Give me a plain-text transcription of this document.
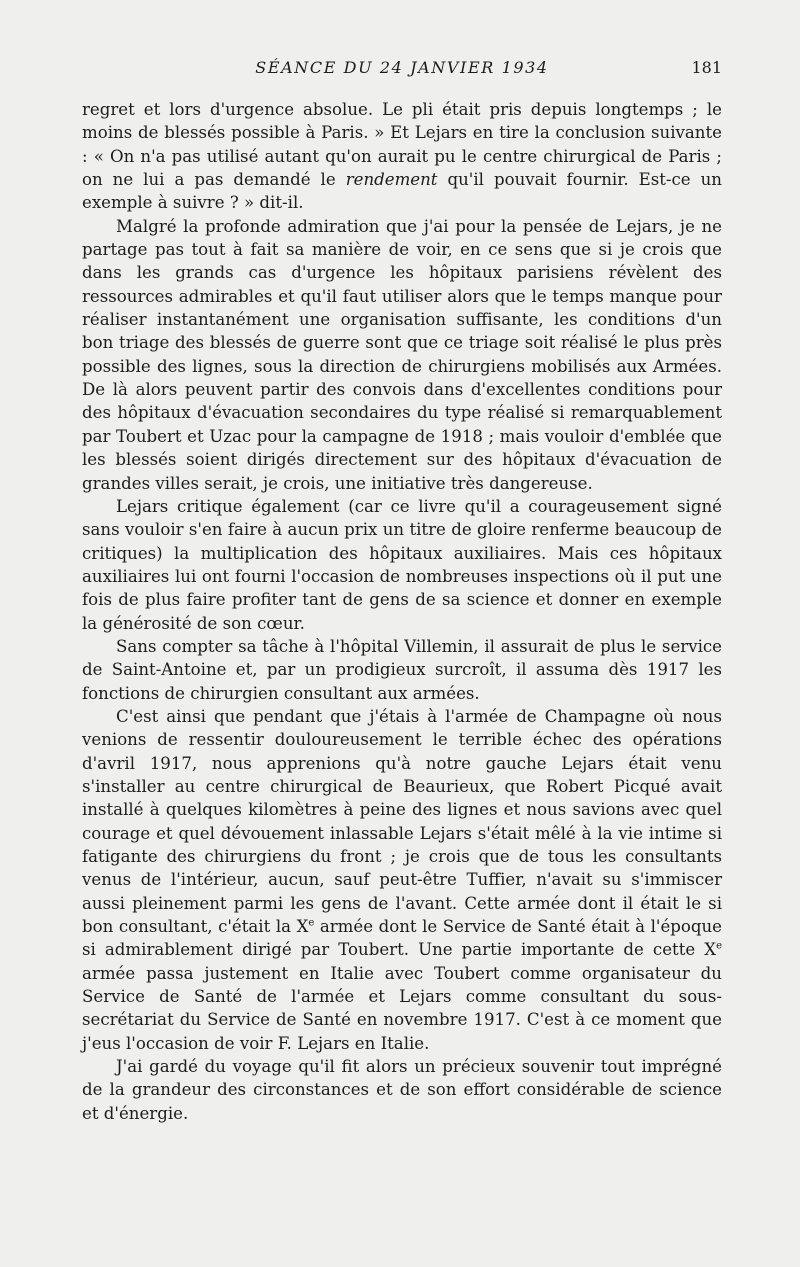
SÉANCE DU 24 JANVIER 1934	181

regret et lors d'urgence absolue. Le pli était pris depuis longtemps ; le moins de blessés possible à Paris. » Et Lejars en tire la conclusion suivante : « On n'a pas utilisé autant qu'on aurait pu le centre chirurgical de Paris ; on ne lui a pas demandé le rendement qu'il pouvait fournir. Est-ce un exemple à suivre ? » dit-il.

Malgré la profonde admiration que j'ai pour la pensée de Lejars, je ne partage pas tout à fait sa manière de voir, en ce sens que si je crois que dans les grands cas d'urgence les hôpitaux parisiens révèlent des ressources admirables et qu'il faut utiliser alors que le temps manque pour réaliser instantanément une organisation suffisante, les conditions d'un bon triage des blessés de guerre sont que ce triage soit réalisé le plus près possible des lignes, sous la direction de chirurgiens mobilisés aux Armées. De là alors peuvent partir des convois dans d'excellentes conditions pour des hôpitaux d'évacuation secondaires du type réalisé si remarquablement par Toubert et Uzac pour la campagne de 1918 ; mais vouloir d'emblée que les blessés soient dirigés directement sur des hôpitaux d'évacuation de grandes villes serait, je crois, une initiative très dangereuse.

Lejars critique également (car ce livre qu'il a courageusement signé sans vouloir s'en faire à aucun prix un titre de gloire renferme beaucoup de critiques) la multiplication des hôpitaux auxiliaires. Mais ces hôpitaux auxiliaires lui ont fourni l'occasion de nombreuses inspections où il put une fois de plus faire profiter tant de gens de sa science et donner en exemple la générosité de son cœur.

Sans compter sa tâche à l'hôpital Villemin, il assurait de plus le service de Saint-Antoine et, par un prodigieux surcroît, il assuma dès 1917 les fonctions de chirurgien consultant aux armées.

C'est ainsi que pendant que j'étais à l'armée de Champagne où nous venions de ressentir douloureusement le terrible échec des opérations d'avril 1917, nous apprenions qu'à notre gauche Lejars était venu s'installer au centre chirurgical de Beaurieux, que Robert Picqué avait installé à quelques kilomètres à peine des lignes et nous savions avec quel courage et quel dévouement inlassable Lejars s'était mêlé à la vie intime si fatigante des chirurgiens du front ; je crois que de tous les consultants venus de l'intérieur, aucun, sauf peut-être Tuffier, n'avait su s'immiscer aussi pleinement parmi les gens de l'avant. Cette armée dont il était le si bon consultant, c'était la Xe armée dont le Service de Santé était à l'époque si admirablement dirigé par Toubert. Une partie importante de cette Xe armée passa justement en Italie avec Toubert comme organisateur du Service de Santé de l'armée et Lejars comme consultant du sous-secrétariat du Service de Santé en novembre 1917. C'est à ce moment que j'eus l'occasion de voir F. Lejars en Italie.

J'ai gardé du voyage qu'il fit alors un précieux souvenir tout imprégné de la grandeur des circonstances et de son effort considérable de science et d'énergie.
